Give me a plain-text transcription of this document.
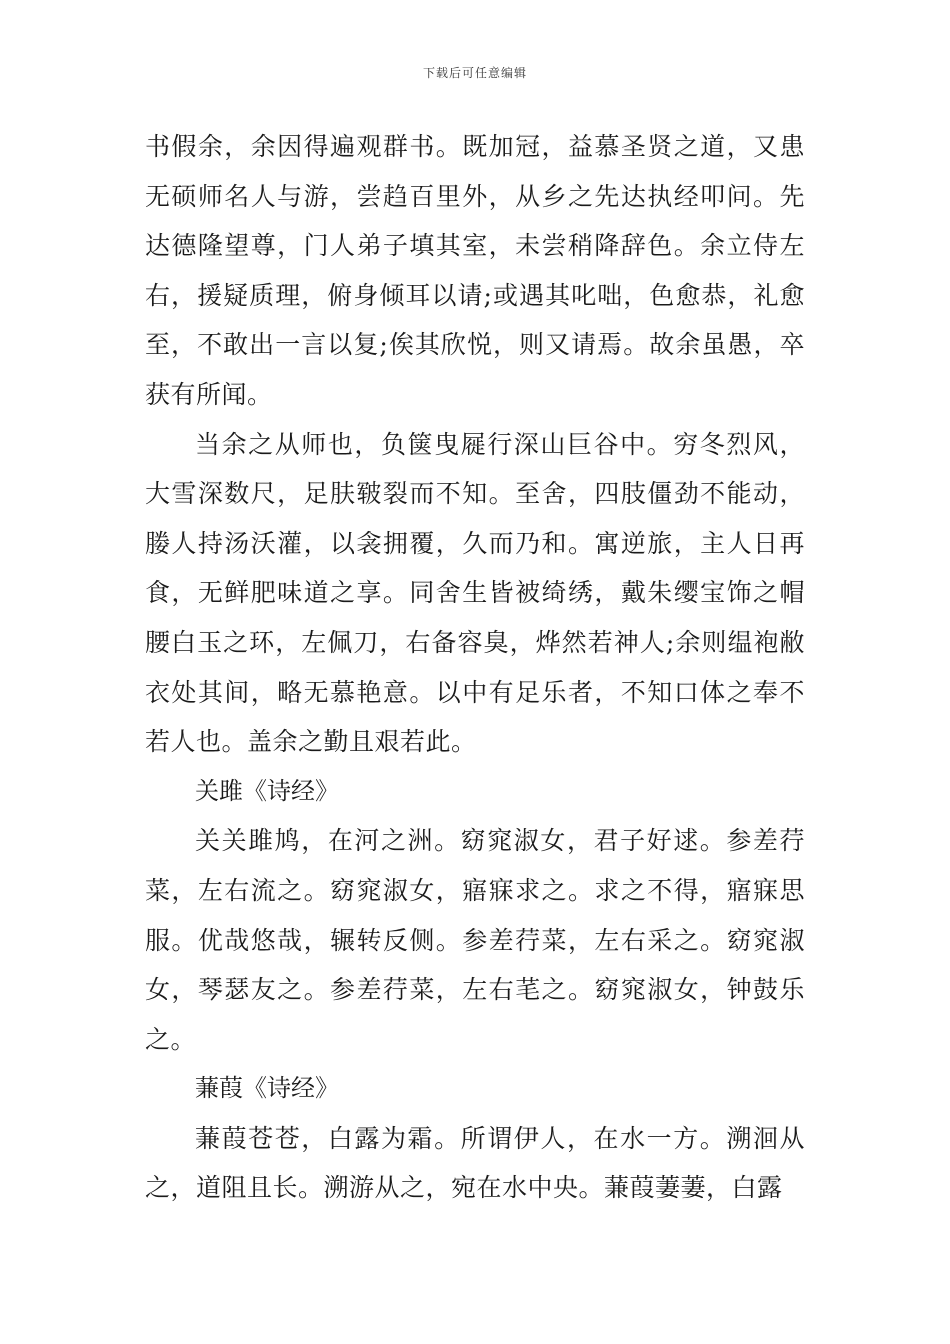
下载后可任意编辑

书假余，余因得遍观群书。既加冠，益慕圣贤之道，又患无硕师名人与游，尝趋百里外，从乡之先达执经叩问。先达德隆望尊，门人弟子填其室，未尝稍降辞色。余立侍左右，援疑质理，俯身倾耳以请;或遇其叱咄，色愈恭，礼愈至，不敢出一言以复;俟其欣悦，则又请焉。故余虽愚，卒获有所闻。

当余之从师也，负箧曳屣行深山巨谷中。穷冬烈风，大雪深数尺，足肤皲裂而不知。至舍，四肢僵劲不能动，媵人持汤沃灌，以衾拥覆，久而乃和。寓逆旅，主人日再食，无鲜肥味道之享。同舍生皆被绮绣，戴朱缨宝饰之帽腰白玉之环，左佩刀，右备容臭，烨然若神人;余则缊袍敝衣处其间，略无慕艳意。以中有足乐者，不知口体之奉不若人也。盖余之勤且艰若此。

关雎《诗经》

关关雎鸠，在河之洲。窈窕淑女，君子好逑。参差荇菜，左右流之。窈窕淑女，寤寐求之。求之不得，寤寐思服。优哉悠哉，辗转反侧。参差荇菜，左右采之。窈窕淑女，琴瑟友之。参差荇菜，左右芼之。窈窕淑女，钟鼓乐之。

蒹葭《诗经》

蒹葭苍苍，白露为霜。所谓伊人，在水一方。溯洄从之，道阻且长。溯游从之，宛在水中央。蒹葭萋萋，白露
